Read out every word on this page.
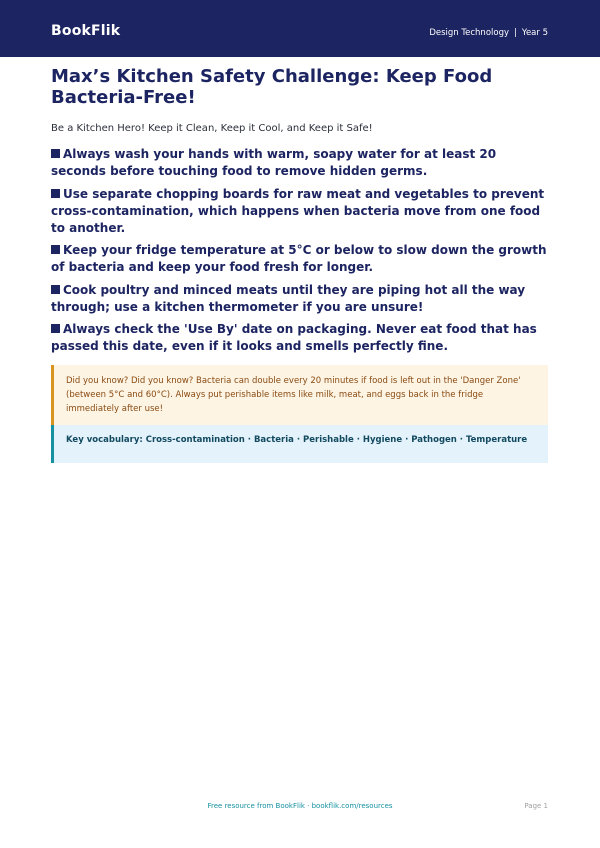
BookFlik	Design Technology | Year 5
Max’s Kitchen Safety Challenge: Keep Food Bacteria-Free!
Be a Kitchen Hero! Keep it Clean, Keep it Cool, and Keep it Safe!
Always wash your hands with warm, soapy water for at least 20 seconds before touching food to remove hidden germs.
Use separate chopping boards for raw meat and vegetables to prevent cross-contamination, which happens when bacteria move from one food to another.
Keep your fridge temperature at 5°C or below to slow down the growth of bacteria and keep your food fresh for longer.
Cook poultry and minced meats until they are piping hot all the way through; use a kitchen thermometer if you are unsure!
Always check the 'Use By' date on packaging. Never eat food that has passed this date, even if it looks and smells perfectly fine.
Did you know? Did you know? Bacteria can double every 20 minutes if food is left out in the 'Danger Zone' (between 5°C and 60°C). Always put perishable items like milk, meat, and eggs back in the fridge immediately after use!
Key vocabulary: Cross-contamination · Bacteria · Perishable · Hygiene · Pathogen · Temperature
Free resource from BookFlik · bookflik.com/resources	Page 1
